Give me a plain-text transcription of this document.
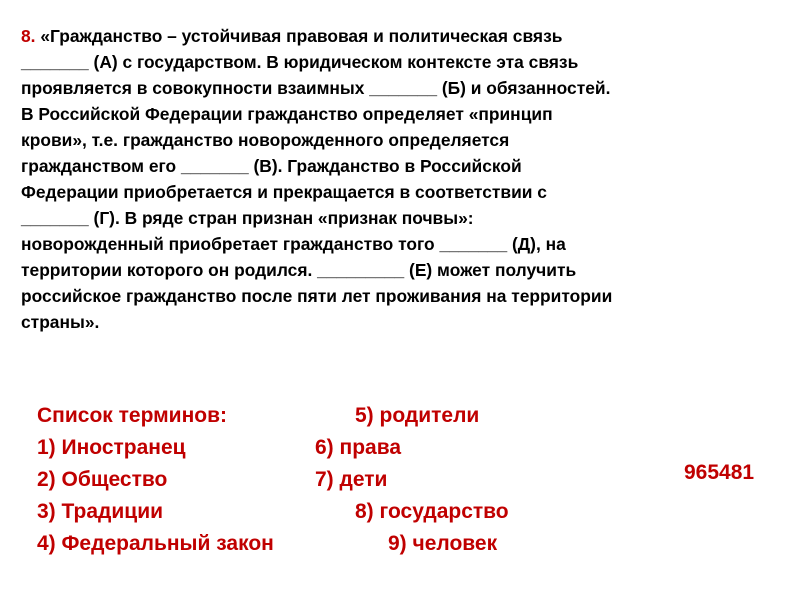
8. «Гражданство – устойчивая правовая и политическая связь
_______ (А) с государством. В юридическом контексте эта связь
проявляется в совокупности взаимных _______ (Б) и обязанностей.
В Российской Федерации гражданство определяет «принцип
крови», т.е. гражданство новорожденного определяется
гражданством его _______ (В). Гражданство в Российской
Федерации приобретается и прекращается в соответствии с
_______ (Г). В ряде стран признан «признак почвы»:
новорожденный приобретает гражданство того _______ (Д), на
территории которого он родился. _________ (Е) может получить
российское гражданство после пяти лет проживания на территории
страны».

Список терминов:	5) родители
1) Иностранец	6) права
2) Общество	7) дети
3) Традиции	8) государство
4) Федеральный закон	9) человек
965481
